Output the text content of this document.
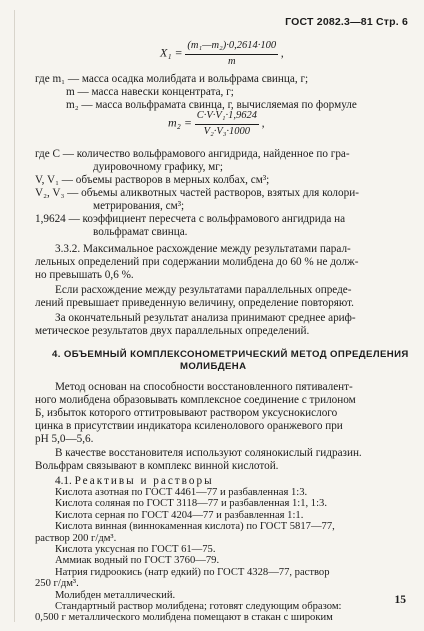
ГОСТ 2082.3—81 Стр. 6
$X_1 = \frac{\text{(m₁—m₂)·0,2614·100}}{m}$ ,
где m₁ — масса осадка молибдата и вольфрама свинца, г;
m — масса навески концентрата, г;
m₂ — масса вольфрамата свинца, г, вычисляемая по формуле
$m_2 = \frac{\text{C·V·V₁·1,9624}}{\text{V₂·V₃·1000}}$ ,
где C — количество вольфрамового ангидрида, найденное по гра-
дуировочному графику, мг;
V, V₁ — объемы растворов в мерных колбах, см³;
V₂, V₃ — объемы аликвотных частей растворов, взятых для колори-
метрирования, см³;
1,9624 — коэффициент пересчета с вольфрамового ангидрида на
вольфрамат свинца.
3.3.2. Максимальное расхождение между результатами парал-
лельных определений при содержании молибдена до 60 % не долж-
но превышать 0,6 %.
Если расхождение между результатами параллельных опреде-
лений превышает приведенную величину, определение повторяют.
За окончательный результат анализа принимают среднее ариф-
метическое результатов двух параллельных определений.
4. ОБЪЕМНЫЙ КОМПЛЕКСОНОМЕТРИЧЕСКИЙ МЕТОД ОПРЕДЕЛЕНИЯ
МОЛИБДЕНА
Метод основан на способности восстановленного пятивалент-
ного молибдена образовывать комплексное соединение с трилоном
Б, избыток которого оттитровывают раствором уксуснокислого
цинка в присутствии индикатора ксиленолового оранжевого при
pH 5,0—5,6.
В качестве восстановителя используют солянокислый гидразин.
Вольфрам связывают в комплекс винной кислотой.
4.1. Реактивы и растворы
Кислота азотная по ГОСТ 4461—77 и разбавленная 1:3.
Кислота соляная по ГОСТ 3118—77 и разбавленная 1:1, 1:3.
Кислота серная по ГОСТ 4204—77 и разбавленная 1:1.
Кислота винная (виннокаменная кислота) по ГОСТ 5817—77,
раствор 200 г/дм³.
Кислота уксусная по ГОСТ 61—75.
Аммиак водный по ГОСТ 3760—79.
Натрия гидроокись (натр едкий) по ГОСТ 4328—77, раствор
250 г/дм³.
Молибден металлический.
Стандартный раствор молибдена; готовят следующим образом:
0,500 г металлического молибдена помещают в стакан с широким
15
